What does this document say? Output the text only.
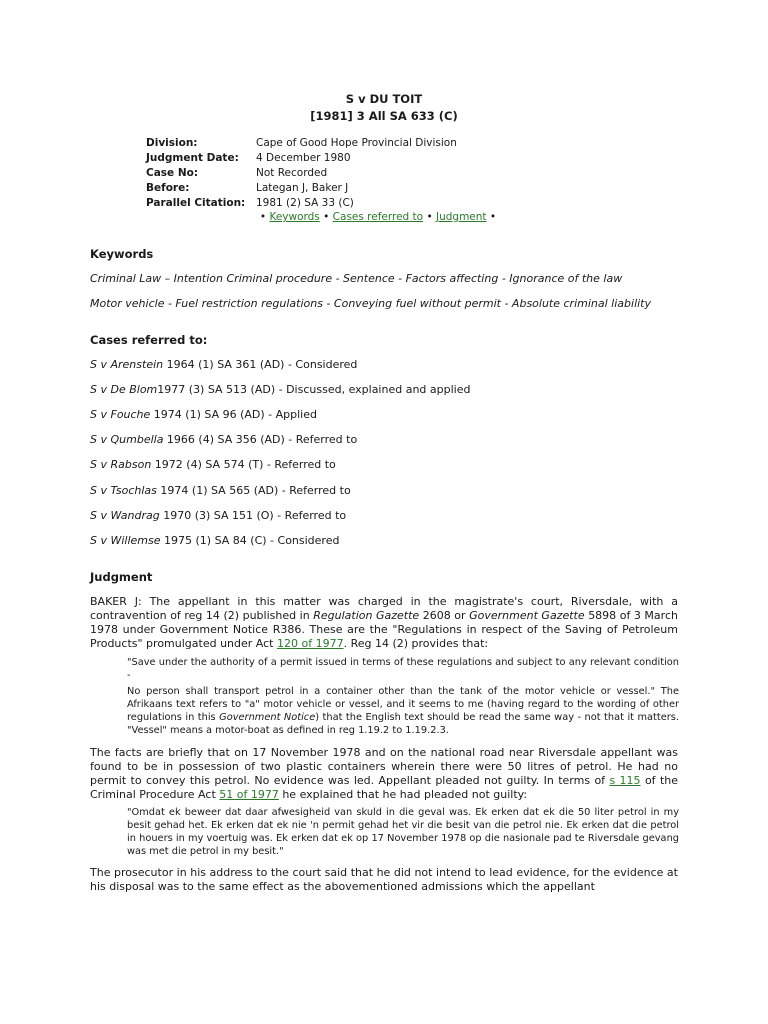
S v DU TOIT
[1981] 3 All SA 633 (C)
Division:	Cape of Good Hope Provincial Division
Judgment Date:	4 December 1980
Case No:	Not Recorded
Before:	Lategan J, Baker J
Parallel Citation:	1981 (2) SA 33 (C)
• Keywords • Cases referred to • Judgment •
Keywords
Criminal Law – Intention Criminal procedure - Sentence - Factors affecting - Ignorance of the law
Motor vehicle - Fuel restriction regulations - Conveying fuel without permit - Absolute criminal liability
Cases referred to:
S v Arenstein 1964 (1) SA 361 (AD) - Considered
S v De Blom1977 (3) SA 513 (AD) - Discussed, explained and applied
S v Fouche 1974 (1) SA 96 (AD) - Applied
S v Qumbella 1966 (4) SA 356 (AD) - Referred to
S v Rabson 1972 (4) SA 574 (T) - Referred to
S v Tsochlas 1974 (1) SA 565 (AD) - Referred to
S v Wandrag 1970 (3) SA 151 (O) - Referred to
S v Willemse 1975 (1) SA 84 (C) - Considered
Judgment

BAKER J: The appellant in this matter was charged in the magistrate's court, Riversdale, with a contravention of reg 14 (2) published in Regulation Gazette 2608 or Government Gazette 5898 of 3 March 1978 under Government Notice R386. These are the "Regulations in respect of the Saving of Petroleum Products" promulgated under Act 120 of 1977. Reg 14 (2) provides that:

"Save under the authority of a permit issued in terms of these regulations and subject to any relevant condition -

No person shall transport petrol in a container other than the tank of the motor vehicle or vessel." The Afrikaans text refers to "a" motor vehicle or vessel, and it seems to me (having regard to the wording of other regulations in this Government Notice) that the English text should be read the same way - not that it matters. "Vessel" means a motor-boat as defined in reg 1.19.2 to 1.19.2.3.

The facts are briefly that on 17 November 1978 and on the national road near Riversdale appellant was found to be in possession of two plastic containers wherein there were 50 litres of petrol. He had no permit to convey this petrol. No evidence was led. Appellant pleaded not guilty. In terms of s 115 of the Criminal Procedure Act 51 of 1977 he explained that he had pleaded not guilty:

"Omdat ek beweer dat daar afwesigheid van skuld in die geval was. Ek erken dat ek die 50 liter petrol in my besit gehad het. Ek erken dat ek nie 'n permit gehad het vir die besit van die petrol nie. Ek erken dat die petrol in houers in my voertuig was. Ek erken dat ek op 17 November 1978 op die nasionale pad te Riversdale gevang was met die petrol in my besit."

The prosecutor in his address to the court said that he did not intend to lead evidence, for the evidence at his disposal was to the same effect as the abovementioned admissions which the appellant
